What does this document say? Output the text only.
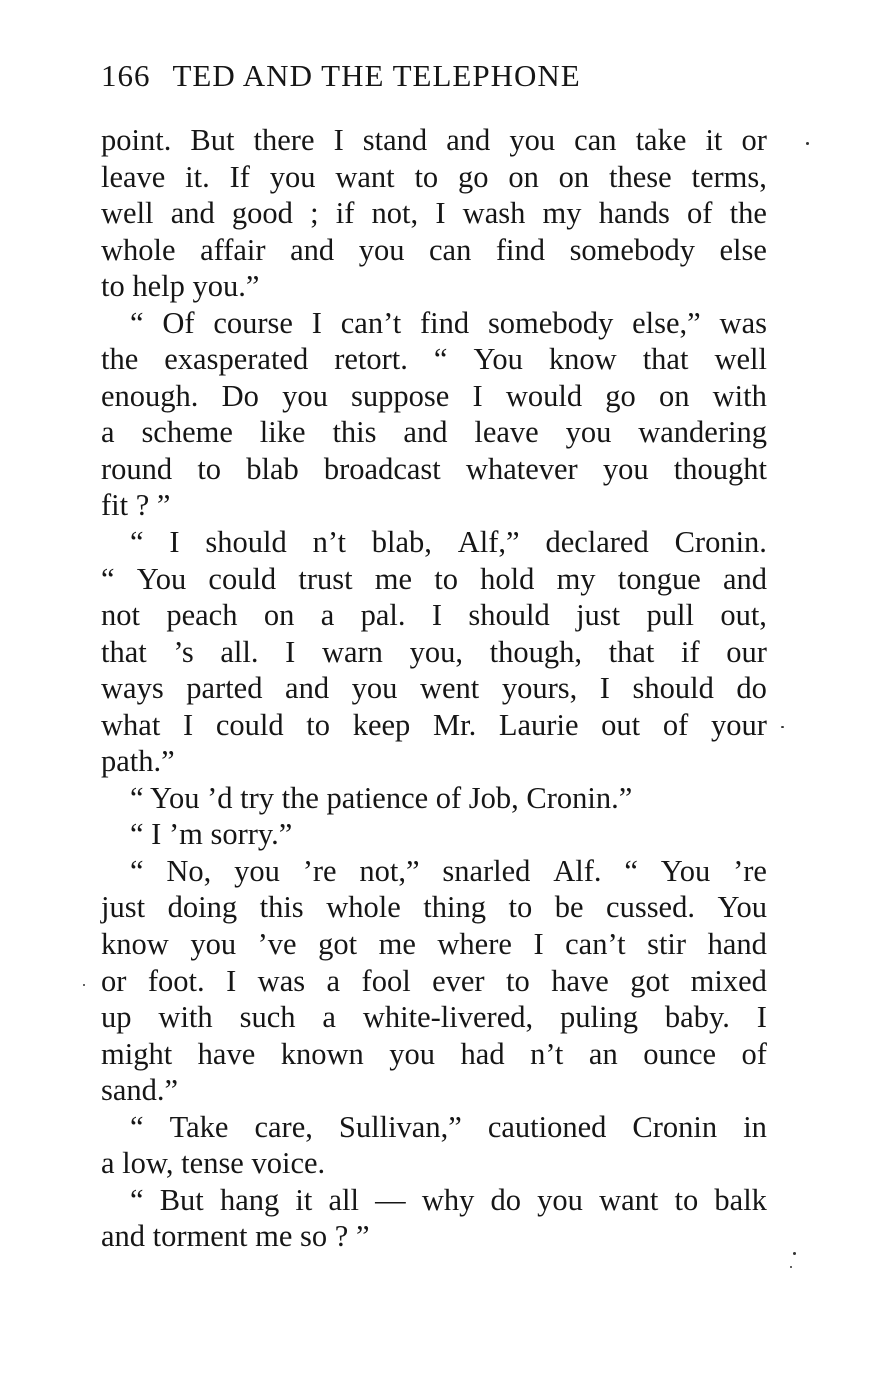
166 TED AND THE TELEPHONE
point. But there I stand and you can take it or
leave it. If you want to go on on these terms,
well and good ; if not, I wash my hands of the
whole affair and you can find somebody else
to help you.”
“ Of course I can’t find somebody else,” was
the exasperated retort. “ You know that well
enough. Do you suppose I would go on with
a scheme like this and leave you wandering
round to blab broadcast whatever you thought
fit ? ”
“ I should n’t blab, Alf,” declared Cronin.
“ You could trust me to hold my tongue and
not peach on a pal. I should just pull out,
that ’s all. I warn you, though, that if our
ways parted and you went yours, I should do
what I could to keep Mr. Laurie out of your
path.”
“ You ’d try the patience of Job, Cronin.”
“ I ’m sorry.”
“ No, you ’re not,” snarled Alf. “ You ’re
just doing this whole thing to be cussed. You
know you ’ve got me where I can’t stir hand
or foot. I was a fool ever to have got mixed
up with such a white-livered, puling baby. I
might have known you had n’t an ounce of
sand.”
“ Take care, Sullivan,” cautioned Cronin in
a low, tense voice.
“ But hang it all — why do you want to balk
and torment me so ? ”
